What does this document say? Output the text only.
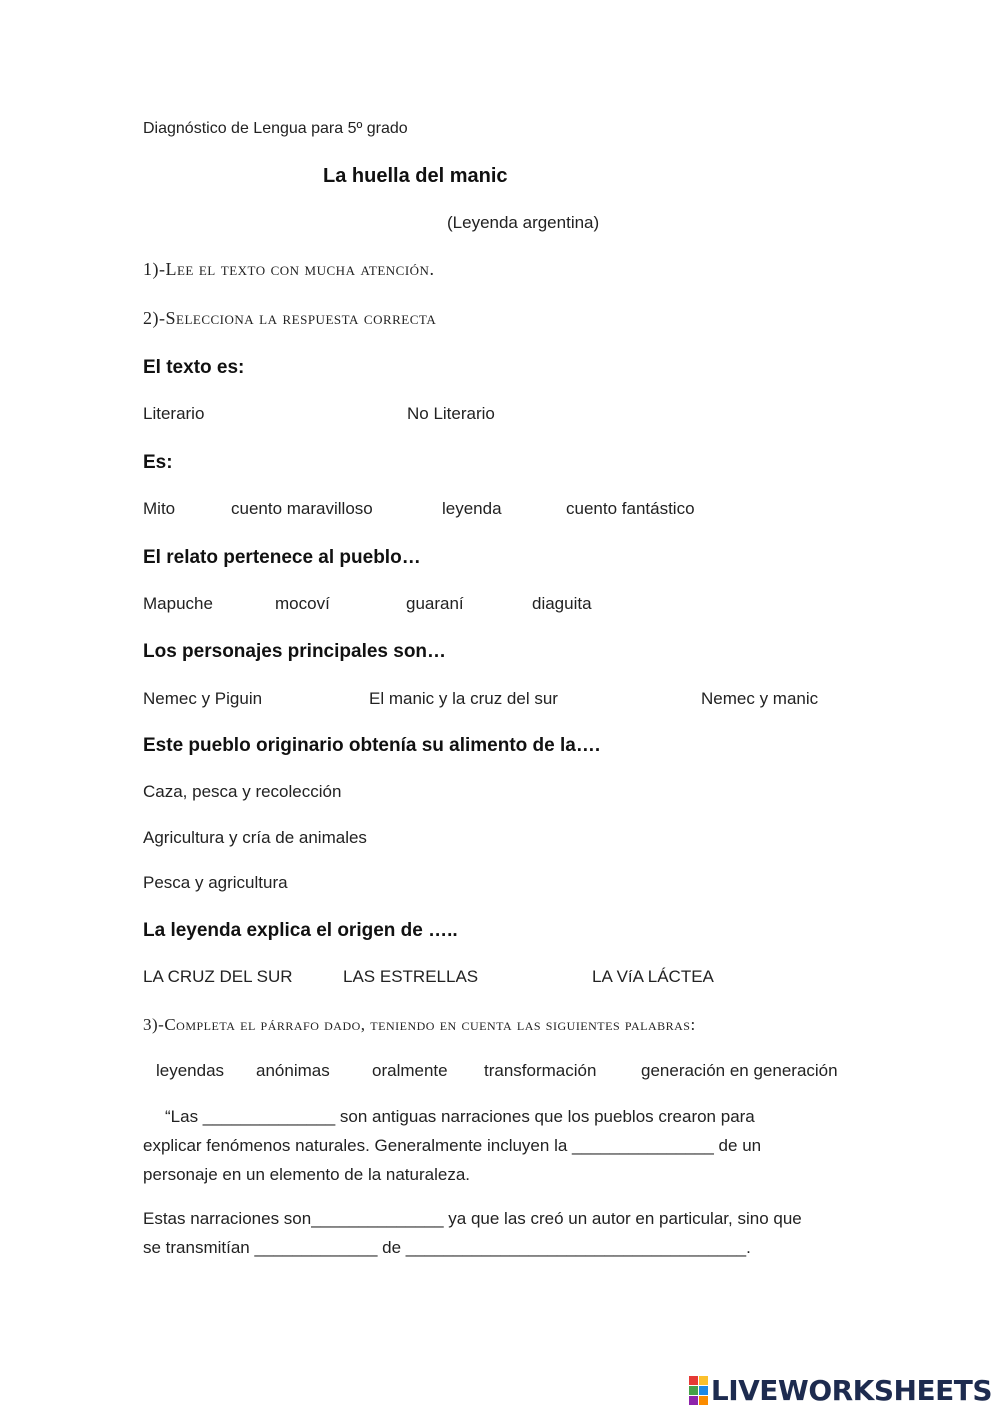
Diagnóstico de Lengua para 5º grado
La huella del manic
(Leyenda argentina)
1)-Lee el texto con mucha atención.
2)-Selecciona la respuesta correcta
El texto es:
Literario	No Literario
Es:
Mito	cuento maravilloso	leyenda	cuento fantástico
El relato pertenece al pueblo…
Mapuche	mocoví	guaraní	diaguita
Los personajes principales son…
Nemec y Piguin	El manic y la cruz del sur	Nemec y manic
Este pueblo originario obtenía su alimento de la….
Caza, pesca y recolección
Agricultura y cría de animales
Pesca y agricultura
La leyenda explica el origen de …..
LA CRUZ DEL SUR	LAS ESTRELLAS	LA VíA LÁCTEA
3)-Completa el párrafo dado, teniendo en cuenta las siguientes palabras:
leyendas anónimas oralmente transformación	generación en generación
“Las ______________ son antiguas narraciones que los pueblos crearon para
explicar fenómenos naturales. Generalmente incluyen la _______________ de un
personaje en un elemento de la naturaleza.
Estas narraciones son______________ ya que las creó un autor en particular, sino que
se transmitían _____________ de ____________________________________.
LIVEWORKSHEETS
